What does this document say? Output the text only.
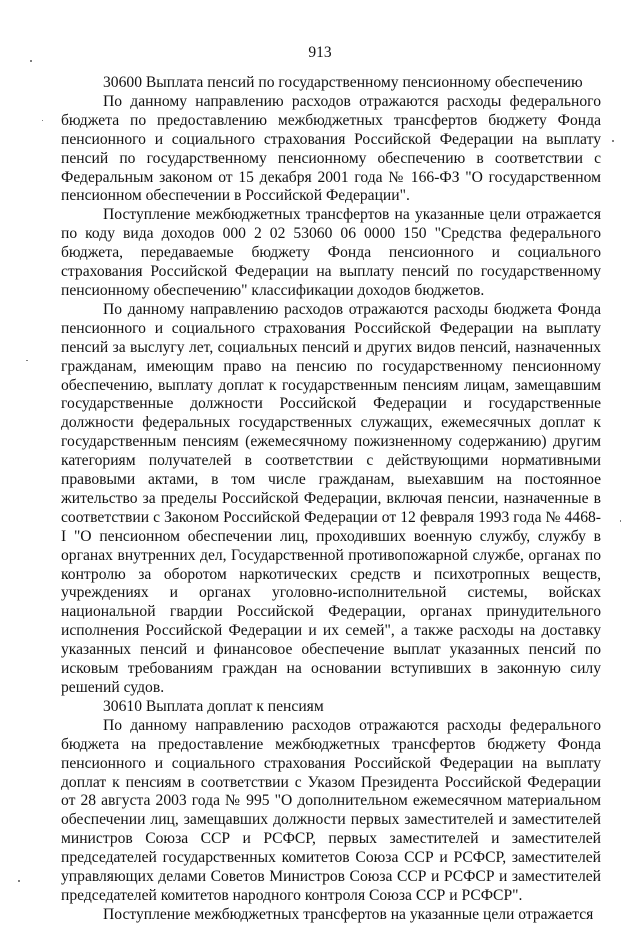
913

30600 Выплата пенсий по государственному пенсионному обеспечению

По данному направлению расходов отражаются расходы федерального бюджета по предоставлению межбюджетных трансфертов бюджету Фонда пенсионного и социального страхования Российской Федерации на выплату пенсий по государственному пенсионному обеспечению в соответствии с Федеральным законом от 15 декабря 2001 года № 166-ФЗ "О государственном пенсионном обеспечении в Российской Федерации".

Поступление межбюджетных трансфертов на указанные цели отражается по коду вида доходов 000 2 02 53060 06 0000 150 "Средства федерального бюджета, передаваемые бюджету Фонда пенсионного и социального страхования Российской Федерации на выплату пенсий по государственному пенсионному обеспечению" классификации доходов бюджетов.

По данному направлению расходов отражаются расходы бюджета Фонда пенсионного и социального страхования Российской Федерации на выплату пенсий за выслугу лет, социальных пенсий и других видов пенсий, назначенных гражданам, имеющим право на пенсию по государственному пенсионному обеспечению, выплату доплат к государственным пенсиям лицам, замещавшим государственные должности Российской Федерации и государственные должности федеральных государственных служащих, ежемесячных доплат к государственным пенсиям (ежемесячному пожизненному содержанию) другим категориям получателей в соответствии с действующими нормативными правовыми актами, в том числе гражданам, выехавшим на постоянное жительство за пределы Российской Федерации, включая пенсии, назначенные в соответствии с Законом Российской Федерации от 12 февраля 1993 года № 4468-I "О пенсионном обеспечении лиц, проходивших военную службу, службу в органах внутренних дел, Государственной противопожарной службе, органах по контролю за оборотом наркотических средств и психотропных веществ, учреждениях и органах уголовно-исполнительной системы, войсках национальной гвардии Российской Федерации, органах принудительного исполнения Российской Федерации и их семей", а также расходы на доставку указанных пенсий и финансовое обеспечение выплат указанных пенсий по исковым требованиям граждан на основании вступивших в законную силу решений судов.

30610 Выплата доплат к пенсиям

По данному направлению расходов отражаются расходы федерального бюджета на предоставление межбюджетных трансфертов бюджету Фонда пенсионного и социального страхования Российской Федерации на выплату доплат к пенсиям в соответствии с Указом Президента Российской Федерации от 28 августа 2003 года № 995 "О дополнительном ежемесячном материальном обеспечении лиц, замещавших должности первых заместителей и заместителей министров Союза ССР и РСФСР, первых заместителей и заместителей председателей государственных комитетов Союза ССР и РСФСР, заместителей управляющих делами Советов Министров Союза ССР и РСФСР и заместителей председателей комитетов народного контроля Союза ССР и РСФСР".

Поступление межбюджетных трансфертов на указанные цели отражается
